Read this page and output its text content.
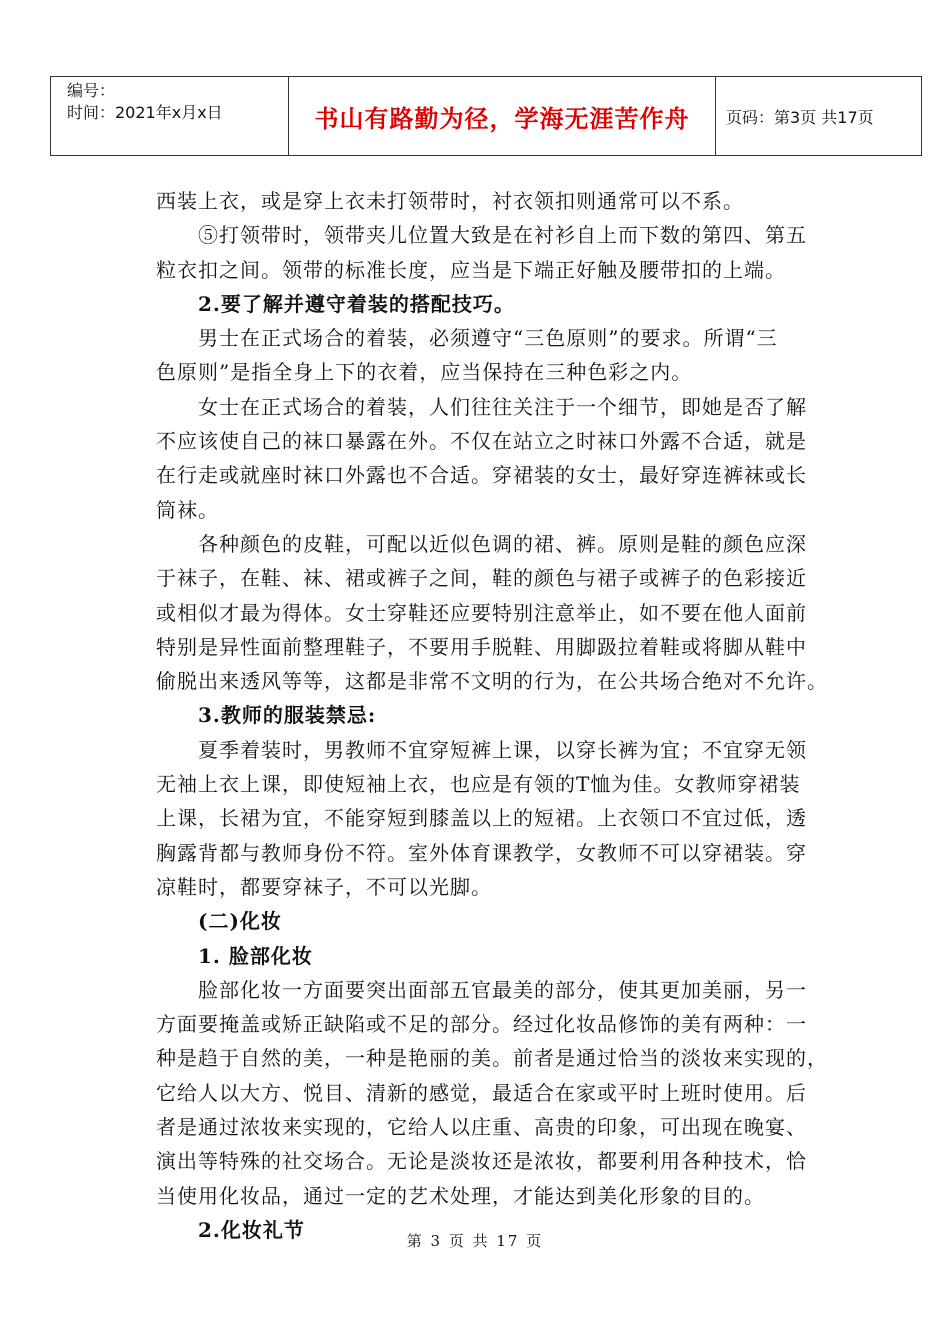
编号：
时间：2021年x月x日	书山有路勤为径，学海无涯苦作舟	页码：第3页 共17页
西装上衣，或是穿上衣未打领带时，衬衣领扣则通常可以不系。
⑤打领带时，领带夹儿位置大致是在衬衫自上而下数的第四、第五
粒衣扣之间。领带的标准长度，应当是下端正好触及腰带扣的上端。
2.要了解并遵守着装的搭配技巧。
男士在正式场合的着装，必须遵守“三色原则”的要求。所谓“三
色原则”是指全身上下的衣着，应当保持在三种色彩之内。
女士在正式场合的着装，人们往往关注于一个细节，即她是否了解
不应该使自己的袜口暴露在外。不仅在站立之时袜口外露不合适，就是
在行走或就座时袜口外露也不合适。穿裙装的女士，最好穿连裤袜或长
筒袜。
各种颜色的皮鞋，可配以近似色调的裙、裤。原则是鞋的颜色应深
于袜子，在鞋、袜、裙或裤子之间，鞋的颜色与裙子或裤子的色彩接近
或相似才最为得体。女士穿鞋还应要特别注意举止，如不要在他人面前
特别是异性面前整理鞋子，不要用手脱鞋、用脚趿拉着鞋或将脚从鞋中
偷脱出来透风等等，这都是非常不文明的行为，在公共场合绝对不允许。
3.教师的服装禁忌:
夏季着装时，男教师不宜穿短裤上课，以穿长裤为宜；不宜穿无领
无袖上衣上课，即使短袖上衣，也应是有领的T恤为佳。女教师穿裙装
上课，长裙为宜，不能穿短到膝盖以上的短裙。上衣领口不宜过低，透
胸露背都与教师身份不符。室外体育课教学，女教师不可以穿裙装。穿
凉鞋时，都要穿袜子，不可以光脚。
(二)化妆
1. 脸部化妆
脸部化妆一方面要突出面部五官最美的部分，使其更加美丽，另一
方面要掩盖或矫正缺陷或不足的部分。经过化妆品修饰的美有两种：一
种是趋于自然的美，一种是艳丽的美。前者是通过恰当的淡妆来实现的，
它给人以大方、悦目、清新的感觉，最适合在家或平时上班时使用。后
者是通过浓妆来实现的，它给人以庄重、高贵的印象，可出现在晚宴、
演出等特殊的社交场合。无论是淡妆还是浓妆，都要利用各种技术，恰
当使用化妆品，通过一定的艺术处理，才能达到美化形象的目的。
2.化妆礼节	第 3 页 共 17 页
